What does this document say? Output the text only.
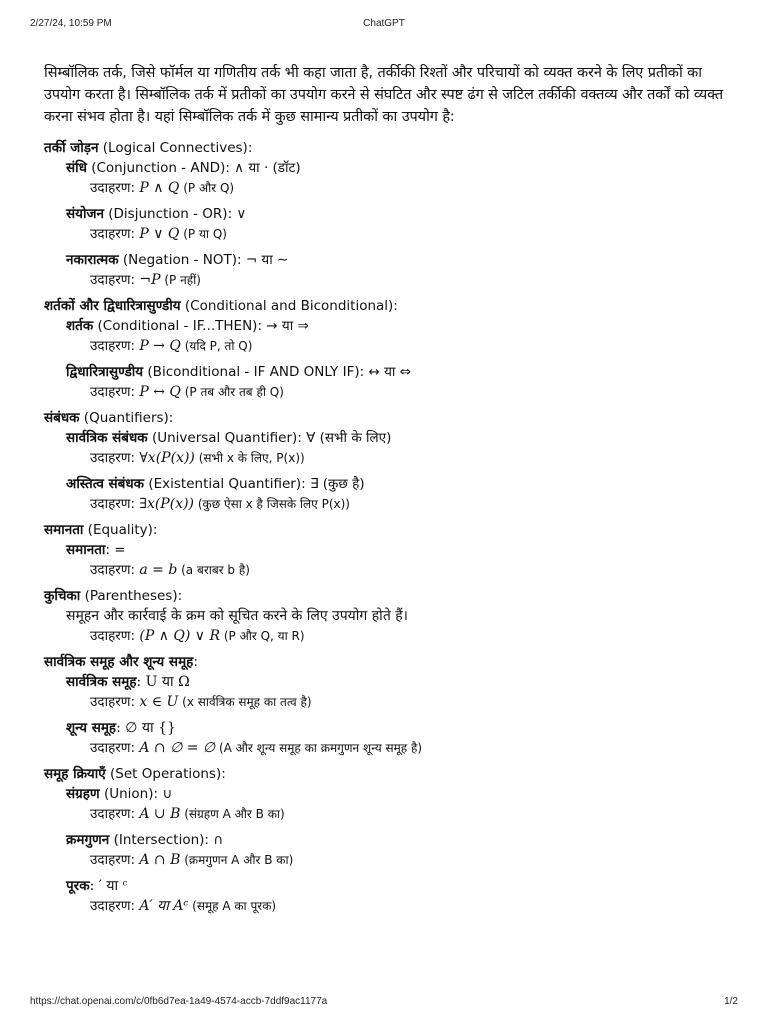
2/27/24, 10:59 PM	ChatGPT

सिम्बॉलिक तर्क, जिसे फॉर्मल या गणितीय तर्क भी कहा जाता है, तर्कीकी रिश्तों और परिचायों को व्यक्त करने के लिए प्रतीकों का उपयोग करता है। सिम्बॉलिक तर्क में प्रतीकों का उपयोग करने से संघटित और स्पष्ट ढंग से जटिल तर्कीकी वक्तव्य और तर्कों को व्यक्त करना संभव होता है। यहां सिम्बॉलिक तर्क में कुछ सामान्य प्रतीकों का उपयोग है:

तर्की जोड़न (Logical Connectives):
संधि (Conjunction - AND): ∧ या · (डॉट)
उदाहरण: P ∧ Q (P और Q)
संयोजन (Disjunction - OR): ∨
उदाहरण: P ∨ Q (P या Q)
नकारात्मक (Negation - NOT): ¬ या ∼
उदाहरण: ¬P (P नहीं)
शर्तकों और द्विधारित्रासुण्डीय (Conditional and Biconditional):
शर्तक (Conditional - IF...THEN): → या ⇒
उदाहरण: P → Q (यदि P, तो Q)
द्विधारित्रासुण्डीय (Biconditional - IF AND ONLY IF): ↔ या ⇔
उदाहरण: P ↔ Q (P तब और तब ही Q)
संबंधक (Quantifiers):
सार्वत्रिक संबंधक (Universal Quantifier): ∀ (सभी के लिए)
उदाहरण: ∀x(P(x)) (सभी x के लिए, P(x))
अस्तित्व संबंधक (Existential Quantifier): ∃ (कुछ है)
उदाहरण: ∃x(P(x)) (कुछ ऐसा x है जिसके लिए P(x))
समानता (Equality):
समानता: =
उदाहरण: a = b (a बराबर b है)
कुचिका (Parentheses):
समूहन और कार्रवाई के क्रम को सूचित करने के लिए उपयोग होते हैं।
उदाहरण: (P ∧ Q) ∨ R (P और Q, या R)
सार्वत्रिक समूह और शून्य समूह:
सार्वत्रिक समूह: U या Ω
उदाहरण: x ∈ U (x सार्वत्रिक समूह का तत्व है)
शून्य समूह: ∅ या {}
उदाहरण: A ∩ ∅ = ∅ (A और शून्य समूह का क्रमगुणन शून्य समूह है)
समूह क्रियाएँ (Set Operations):
संग्रहण (Union): ∪
उदाहरण: A ∪ B (संग्रहण A और B का)
क्रमगुणन (Intersection): ∩
उदाहरण: A ∩ B (क्रमगुणन A और B का)
पूरक: ′ या ᶜ
उदाहरण: A′ या Aᶜ (समूह A का पूरक)
https://chat.openai.com/c/0fb6d7ea-1a49-4574-accb-7ddf9ac1177a	1/2
